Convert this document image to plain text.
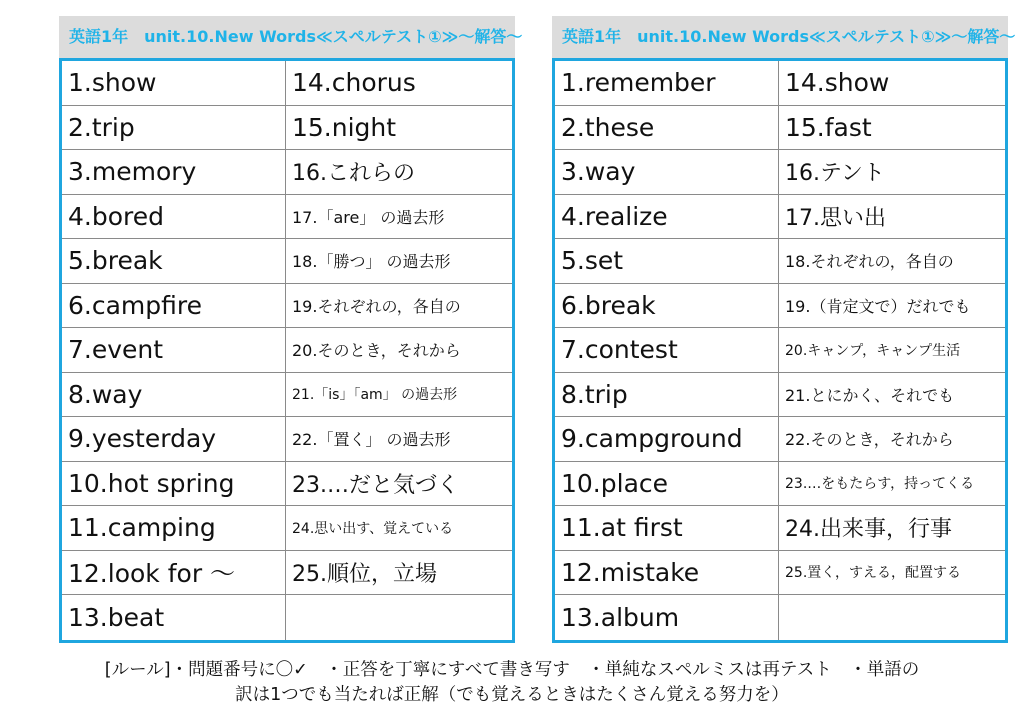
英語1年　unit.10.New Words≪スペルテスト①≫～解答～
1.show	14.chorus
2.trip	15.night
3.memory	16.これらの
4.bored	17.「are」 の過去形
5.break	18.「勝つ」 の過去形
6.campfire	19.それぞれの，各自の
7.event	20.そのとき，それから
8.way	21.「is」「am」 の過去形
9.yesterday	22.「置く」 の過去形
10.hot spring	23.…だと気づく
11.camping	24.思い出す、覚えている
12.look for ～	25.順位，立場
13.beat
英語1年　unit.10.New Words≪スペルテスト①≫～解答～
1.remember	14.show
2.these	15.fast
3.way	16.テント
4.realize	17.思い出
5.set	18.それぞれの，各自の
6.break	19.（肯定文で）だれでも
7.contest	20.キャンプ，キャンプ生活
8.trip	21.とにかく、それでも
9.campground	22.そのとき，それから
10.place	23.…をもたらす，持ってくる
11.at first	24.出来事，行事
12.mistake	25.置く，すえる，配置する
13.album
[ルール]・問題番号に〇✓　・正答を丁寧にすべて書き写す　・単純なスペルミスは再テスト　・単語の
訳は1つでも当たれば正解（でも覚えるときはたくさん覚える努力を）
